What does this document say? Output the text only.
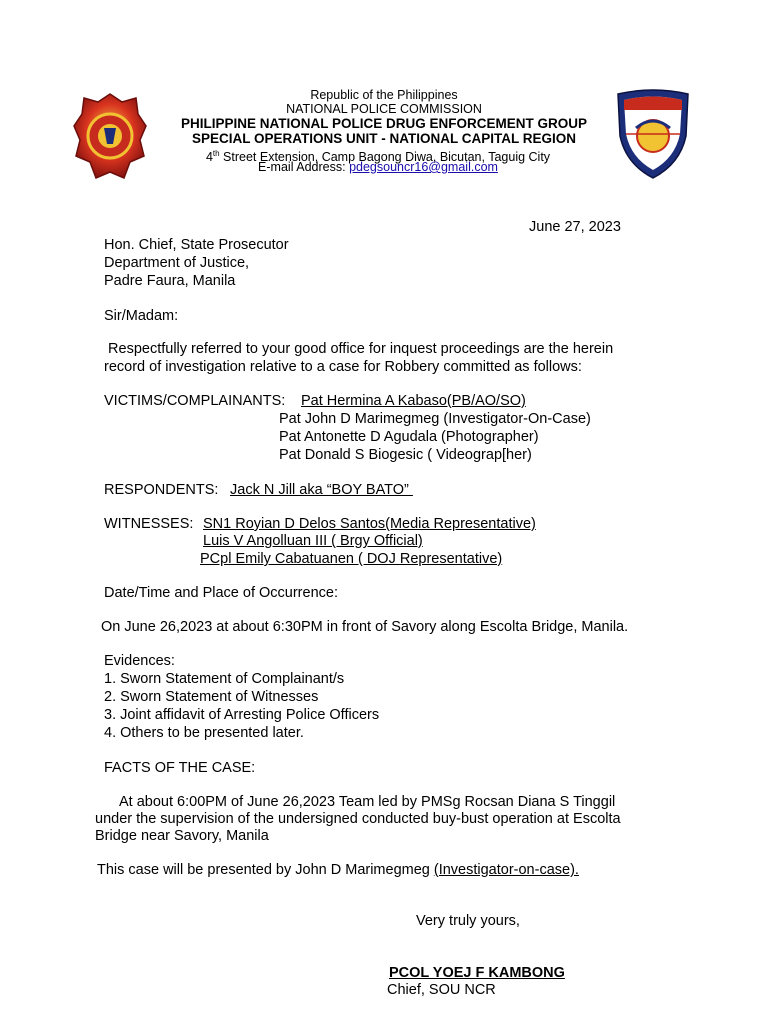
Republic of the Philippines
NATIONAL POLICE COMMISSION
PHILIPPINE NATIONAL POLICE DRUG ENFORCEMENT GROUP
SPECIAL OPERATIONS UNIT - NATIONAL CAPITAL REGION
4th Street Extension, Camp Bagong Diwa, Bicutan, Taguig City
E-mail Address: pdegsouncr16@gmail.com
June 27, 2023
Hon. Chief, State Prosecutor
Department of Justice,
Padre Faura, Manila
Sir/Madam:
Respectfully referred to your good office for inquest proceedings are the herein
record of investigation relative to a case for Robbery committed as follows:
VICTIMS/COMPLAINANTS: Pat Hermina A Kabaso(PB/AO/SO)
Pat John D Marimegmeg (Investigator-On-Case)
Pat Antonette D Agudala (Photographer)
Pat Donald S Biogesic ( Videograp[her)
RESPONDENTS: Jack N Jill aka “BOY BATO”
WITNESSES: SN1 Royian D Delos Santos(Media Representative)
Luis V Angolluan III ( Brgy Official)
PCpl Emily Cabatuanen ( DOJ Representative)
Date/Time and Place of Occurrence:
On June 26,2023 at about 6:30PM in front of Savory along Escolta Bridge, Manila.
Evidences:
1. Sworn Statement of Complainant/s
2. Sworn Statement of Witnesses
3. Joint affidavit of Arresting Police Officers
4. Others to be presented later.
FACTS OF THE CASE:
At about 6:00PM of June 26,2023 Team led by PMSg Rocsan Diana S Tinggil
under the supervision of the undersigned conducted buy-bust operation at Escolta
Bridge near Savory, Manila
This case will be presented by John D Marimegmeg (Investigator-on-case).
Very truly yours,
PCOL YOEJ F KAMBONG
Chief, SOU NCR
